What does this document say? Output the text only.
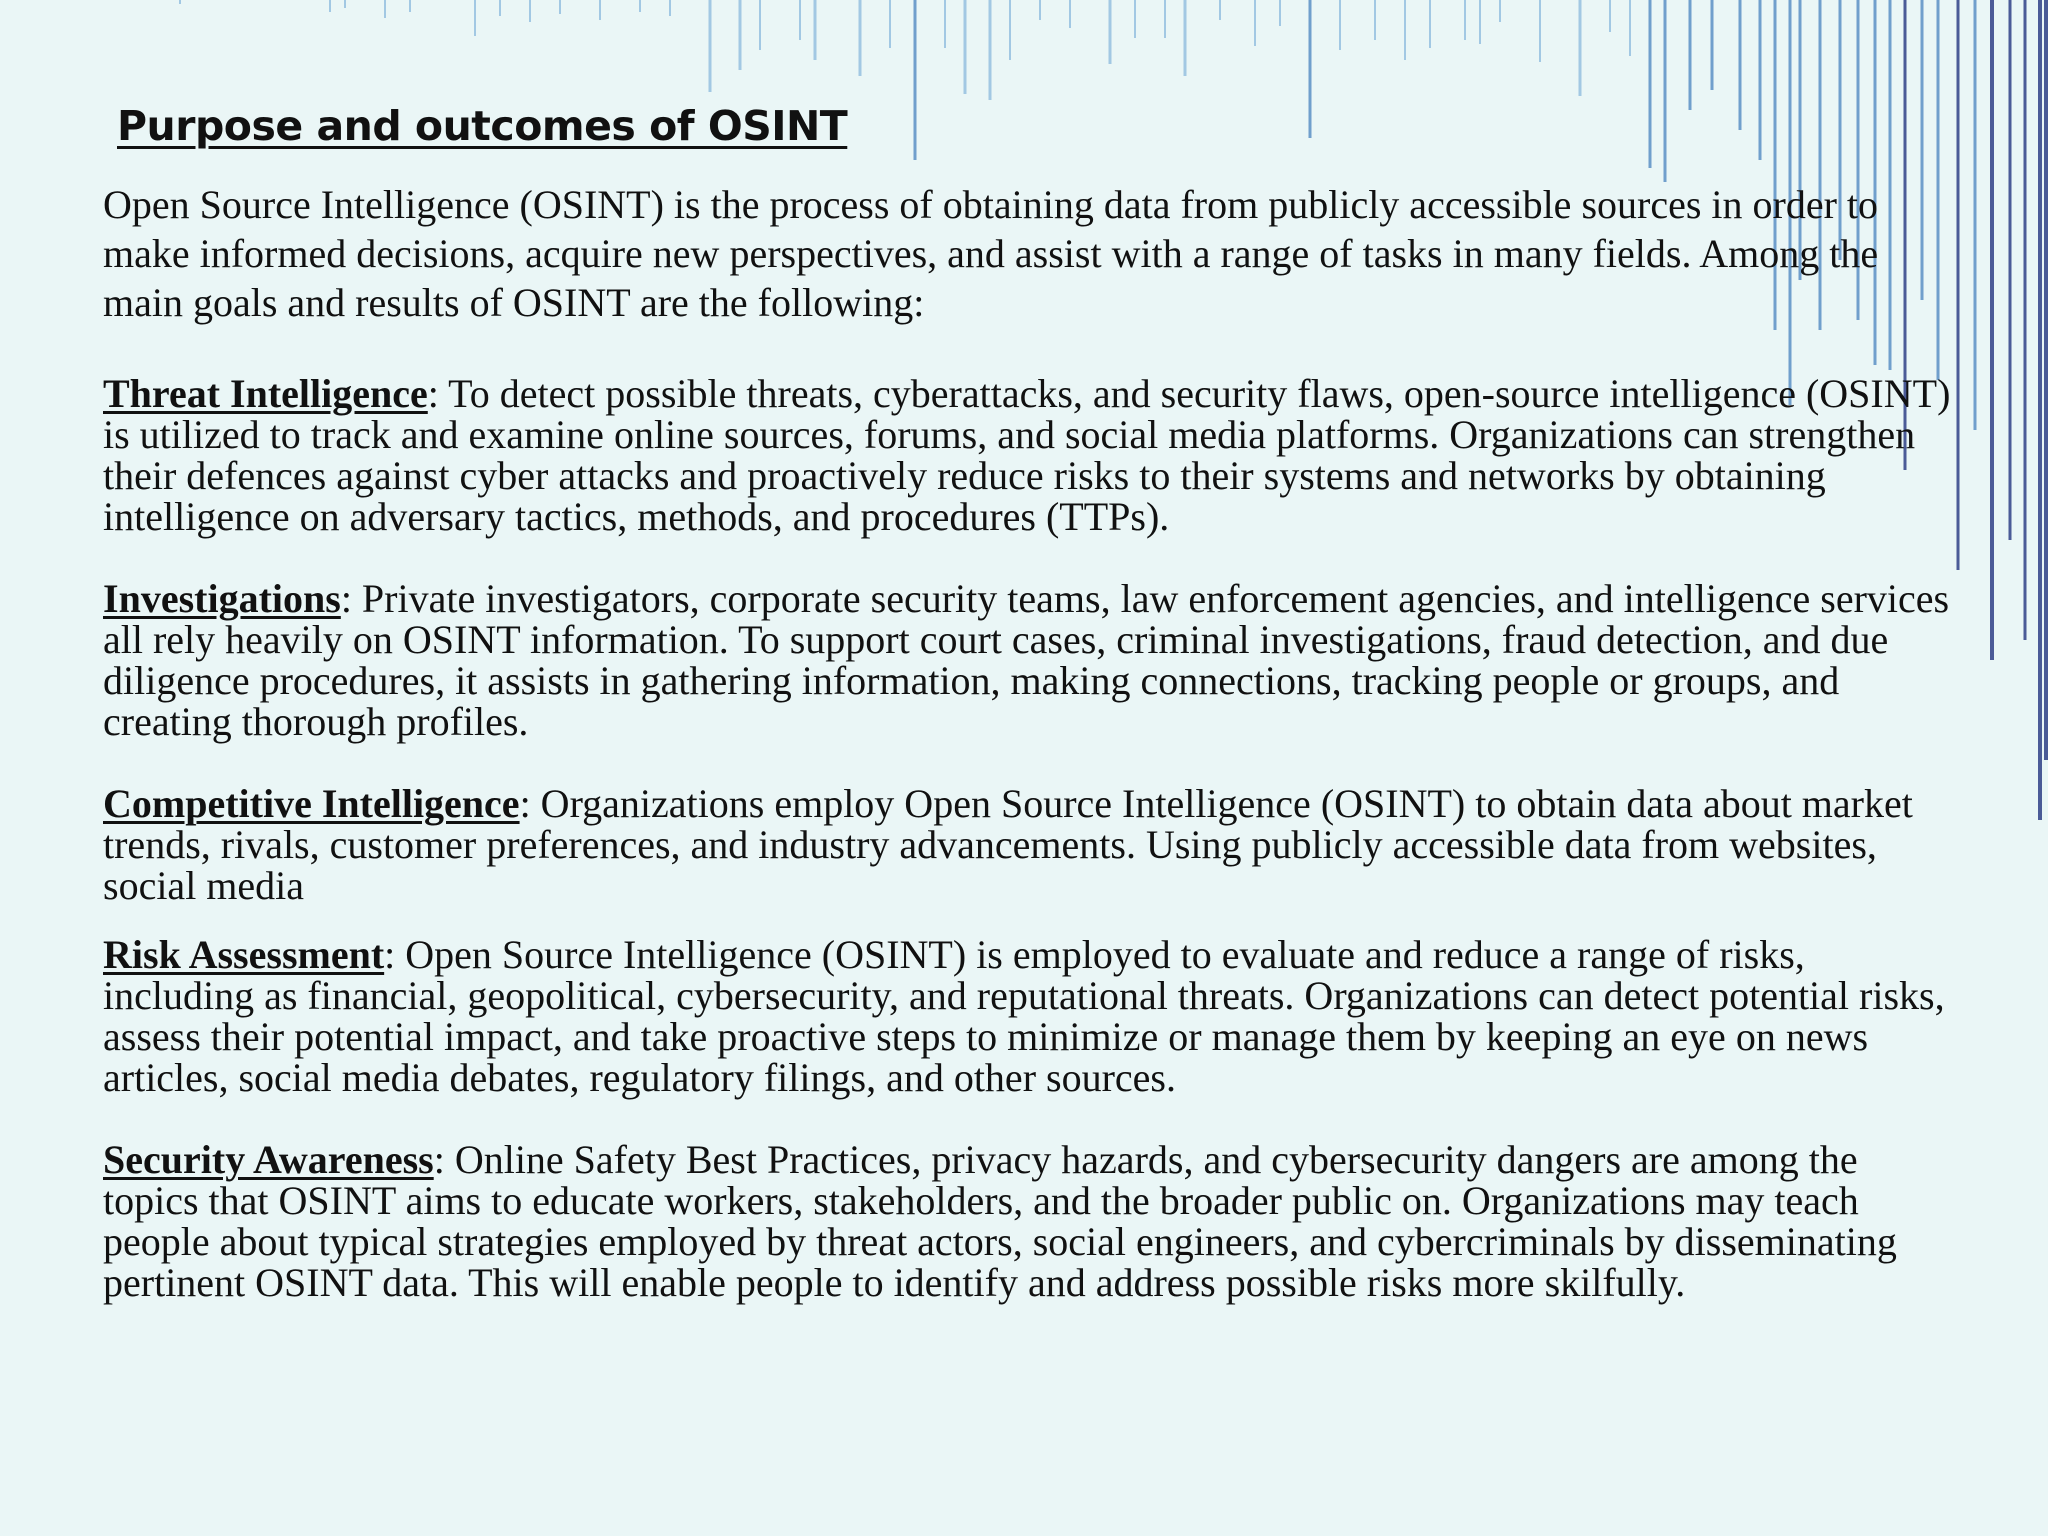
Purpose and outcomes of OSINT

Open Source Intelligence (OSINT) is the process of obtaining data from publicly accessible sources in order to make informed decisions, acquire new perspectives, and assist with a range of tasks in many fields. Among the main goals and results of OSINT are the following:

Threat Intelligence: To detect possible threats, cyberattacks, and security flaws, open-source intelligence (OSINT) is utilized to track and examine online sources, forums, and social media platforms. Organizations can strengthen their defences against cyber attacks and proactively reduce risks to their systems and networks by obtaining intelligence on adversary tactics, methods, and procedures (TTPs).

Investigations: Private investigators, corporate security teams, law enforcement agencies, and intelligence services all rely heavily on OSINT information. To support court cases, criminal investigations, fraud detection, and due diligence procedures, it assists in gathering information, making connections, tracking people or groups, and creating thorough profiles.

Competitive Intelligence: Organizations employ Open Source Intelligence (OSINT) to obtain data about market trends, rivals, customer preferences, and industry advancements. Using publicly accessible data from websites, social media

Risk Assessment: Open Source Intelligence (OSINT) is employed to evaluate and reduce a range of risks, including as financial, geopolitical, cybersecurity, and reputational threats. Organizations can detect potential risks, assess their potential impact, and take proactive steps to minimize or manage them by keeping an eye on news articles, social media debates, regulatory filings, and other sources.

Security Awareness: Online Safety Best Practices, privacy hazards, and cybersecurity dangers are among the topics that OSINT aims to educate workers, stakeholders, and the broader public on. Organizations may teach people about typical strategies employed by threat actors, social engineers, and cybercriminals by disseminating pertinent OSINT data. This will enable people to identify and address possible risks more skilfully.
